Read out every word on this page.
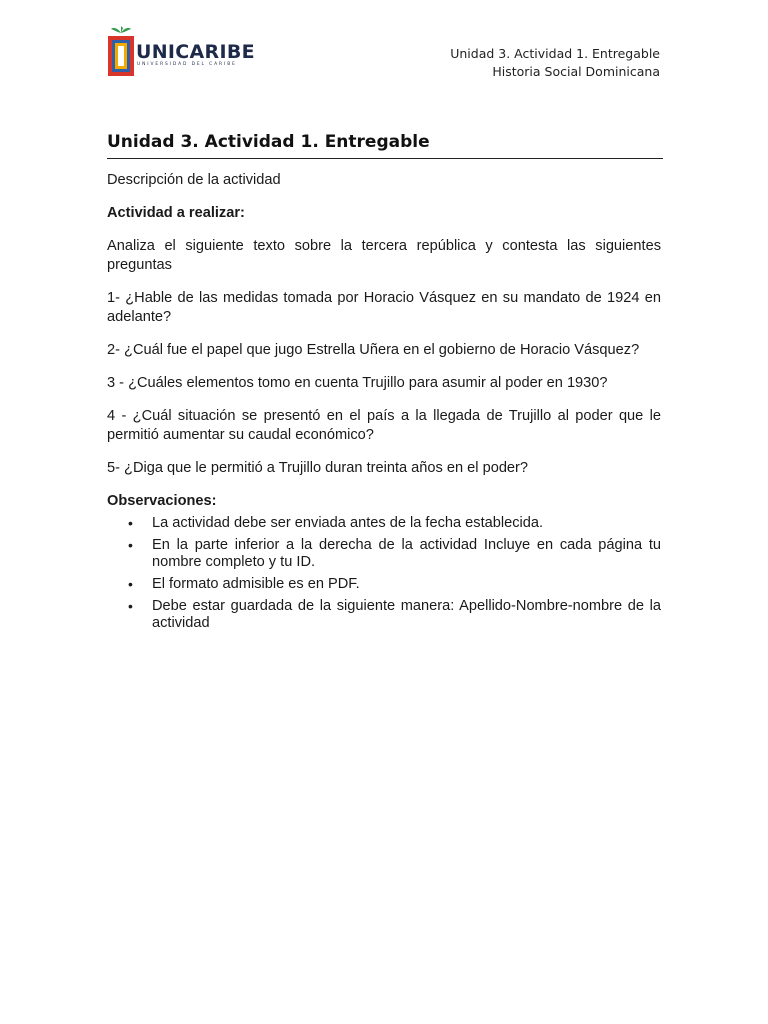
UNICARIBE
UNIVERSIDAD DEL CARIBE
Unidad 3. Actividad 1. Entregable
Historia Social Dominicana
Unidad 3. Actividad 1. Entregable

Descripción de la actividad

Actividad a realizar:

Analiza el siguiente texto sobre la tercera república y contesta las siguientes preguntas

1- ¿Hable de las medidas tomada por Horacio Vásquez en su mandato de 1924 en adelante?

2- ¿Cuál fue el papel que jugo Estrella Uñera en el gobierno de Horacio Vásquez?

3 - ¿Cuáles elementos tomo en cuenta Trujillo para asumir al poder en 1930?

4 - ¿Cuál situación se presentó en el país a la llegada de Trujillo al poder que le permitió aumentar su caudal económico?

5- ¿Diga que le permitió a Trujillo duran treinta años en el poder?

Observaciones:
• La actividad debe ser enviada antes de la fecha establecida.
• En la parte inferior a la derecha de la actividad Incluye en cada página tu nombre completo y tu ID.
• El formato admisible es en PDF.
• Debe estar guardada de la siguiente manera: Apellido-Nombre-nombre de la actividad
